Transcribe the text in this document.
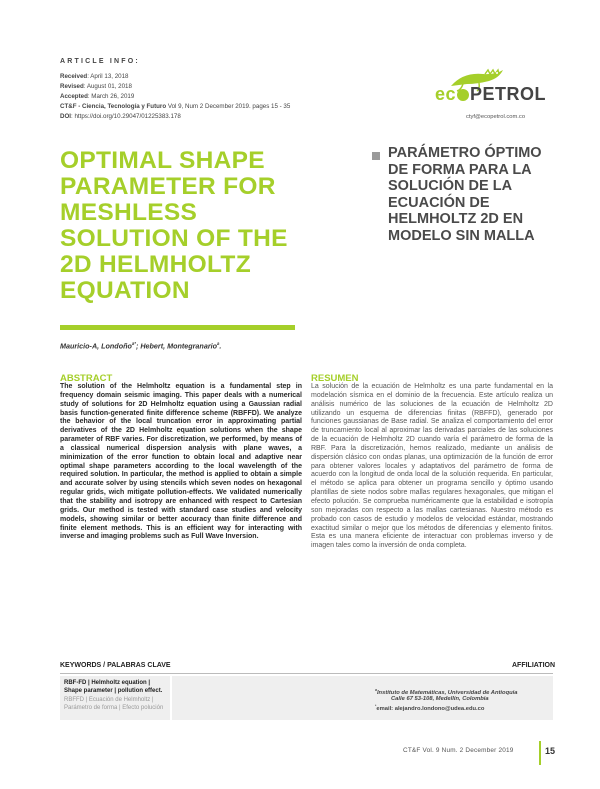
ARTICLE INFO:
Received: April 13, 2018
Revised: August 01, 2018
Accepted: March 26, 2019
CT&F - Ciencia, Tecnología y Futuro Vol 9, Num 2 December 2019. pages 15 - 35
DOI: https://doi.org/10.29047/01225383.178
ec PETROL
ctyf@ecopetrol.com.co
OPTIMAL SHAPE PARAMETER FOR MESHLESS SOLUTION OF THE 2D HELMHOLTZ EQUATION
PARÁMETRO ÓPTIMO DE FORMA PARA LA SOLUCIÓN DE LA ECUACIÓN DE HELMHOLTZ 2D EN MODELO SIN MALLA
Mauricio-A, Londoño$^{a*}$; Hebert, Montegranario$^a$.
ABSTRACT
The solution of the Helmholtz equation is a fundamental step in frequency domain seismic imaging. This paper deals with a numerical study of solutions for 2D Helmholtz equation using a Gaussian radial basis function-generated finite difference scheme (RBFFD). We analyze the behavior of the local truncation error in approximating partial derivatives of the 2D Helmholtz equation solutions when the shape parameter of RBF varies. For discretization, we performed, by means of a classical numerical dispersion analysis with plane waves, a minimization of the error function to obtain local and adaptive near optimal shape parameters according to the local wavelength of the required solution. In particular, the method is applied to obtain a simple and accurate solver by using stencils which seven nodes on hexagonal regular grids, wich mitigate pollution-effects. We validated numerically that the stability and isotropy are enhanced with respect to Cartesian grids. Our method is tested with standard case studies and velocity models, showing similar or better accuracy than finite difference and finite element methods. This is an efficient way for interacting with inverse and imaging problems such as Full Wave Inversion.
RESUMEN
La solución de la ecuación de Helmholtz es una parte fundamental en la modelación sísmica en el dominio de la frecuencia. Este artículo realiza un análisis numérico de las soluciones de la ecuación de Helmholtz 2D utilizando un esquema de diferencias finitas (RBFFD), generado por funciones gaussianas de Base radial. Se analiza el comportamiento del error de truncamiento local al aproximar las derivadas parciales de las soluciones de la ecuación de Helmholtz 2D cuando varía el parámetro de forma de la RBF. Para la discretización, hemos realizado, mediante un análisis de dispersión clásico con ondas planas, una optimización de la función de error para obtener valores locales y adaptativos del parámetro de forma de acuerdo con la longitud de onda local de la solución requerida. En particular, el método se aplica para obtener un programa sencillo y óptimo usando plantillas de siete nodos sobre mallas regulares hexagonales, que mitigan el efecto polución. Se comprueba numéricamente que la estabilidad e isotropía son mejoradas con respecto a las mallas cartesianas. Nuestro método es probado con casos de estudio y modelos de velocidad estándar, mostrando exactitud similar o mejor que los métodos de diferencias y elemento finitos. Esta es una manera eficiente de interactuar con problemas inverso y de imagen tales como la inversión de onda completa.
KEYWORDS / PALABRAS CLAVE	AFFILIATION
RBF-FD | Helmholtz equation | Shape parameter | pollution effect.
RBFFD | Ecuación de Helmholtz | Parámetro de forma | Efecto polución
$^a$Instituto de Matemáticas, Universidad de Antioquia
Calle 67 53-108, Medellín, Colombia
*email: alejandro.londono@udea.edu.co
CT&F Vol. 9 Num. 2 December 2019	15
